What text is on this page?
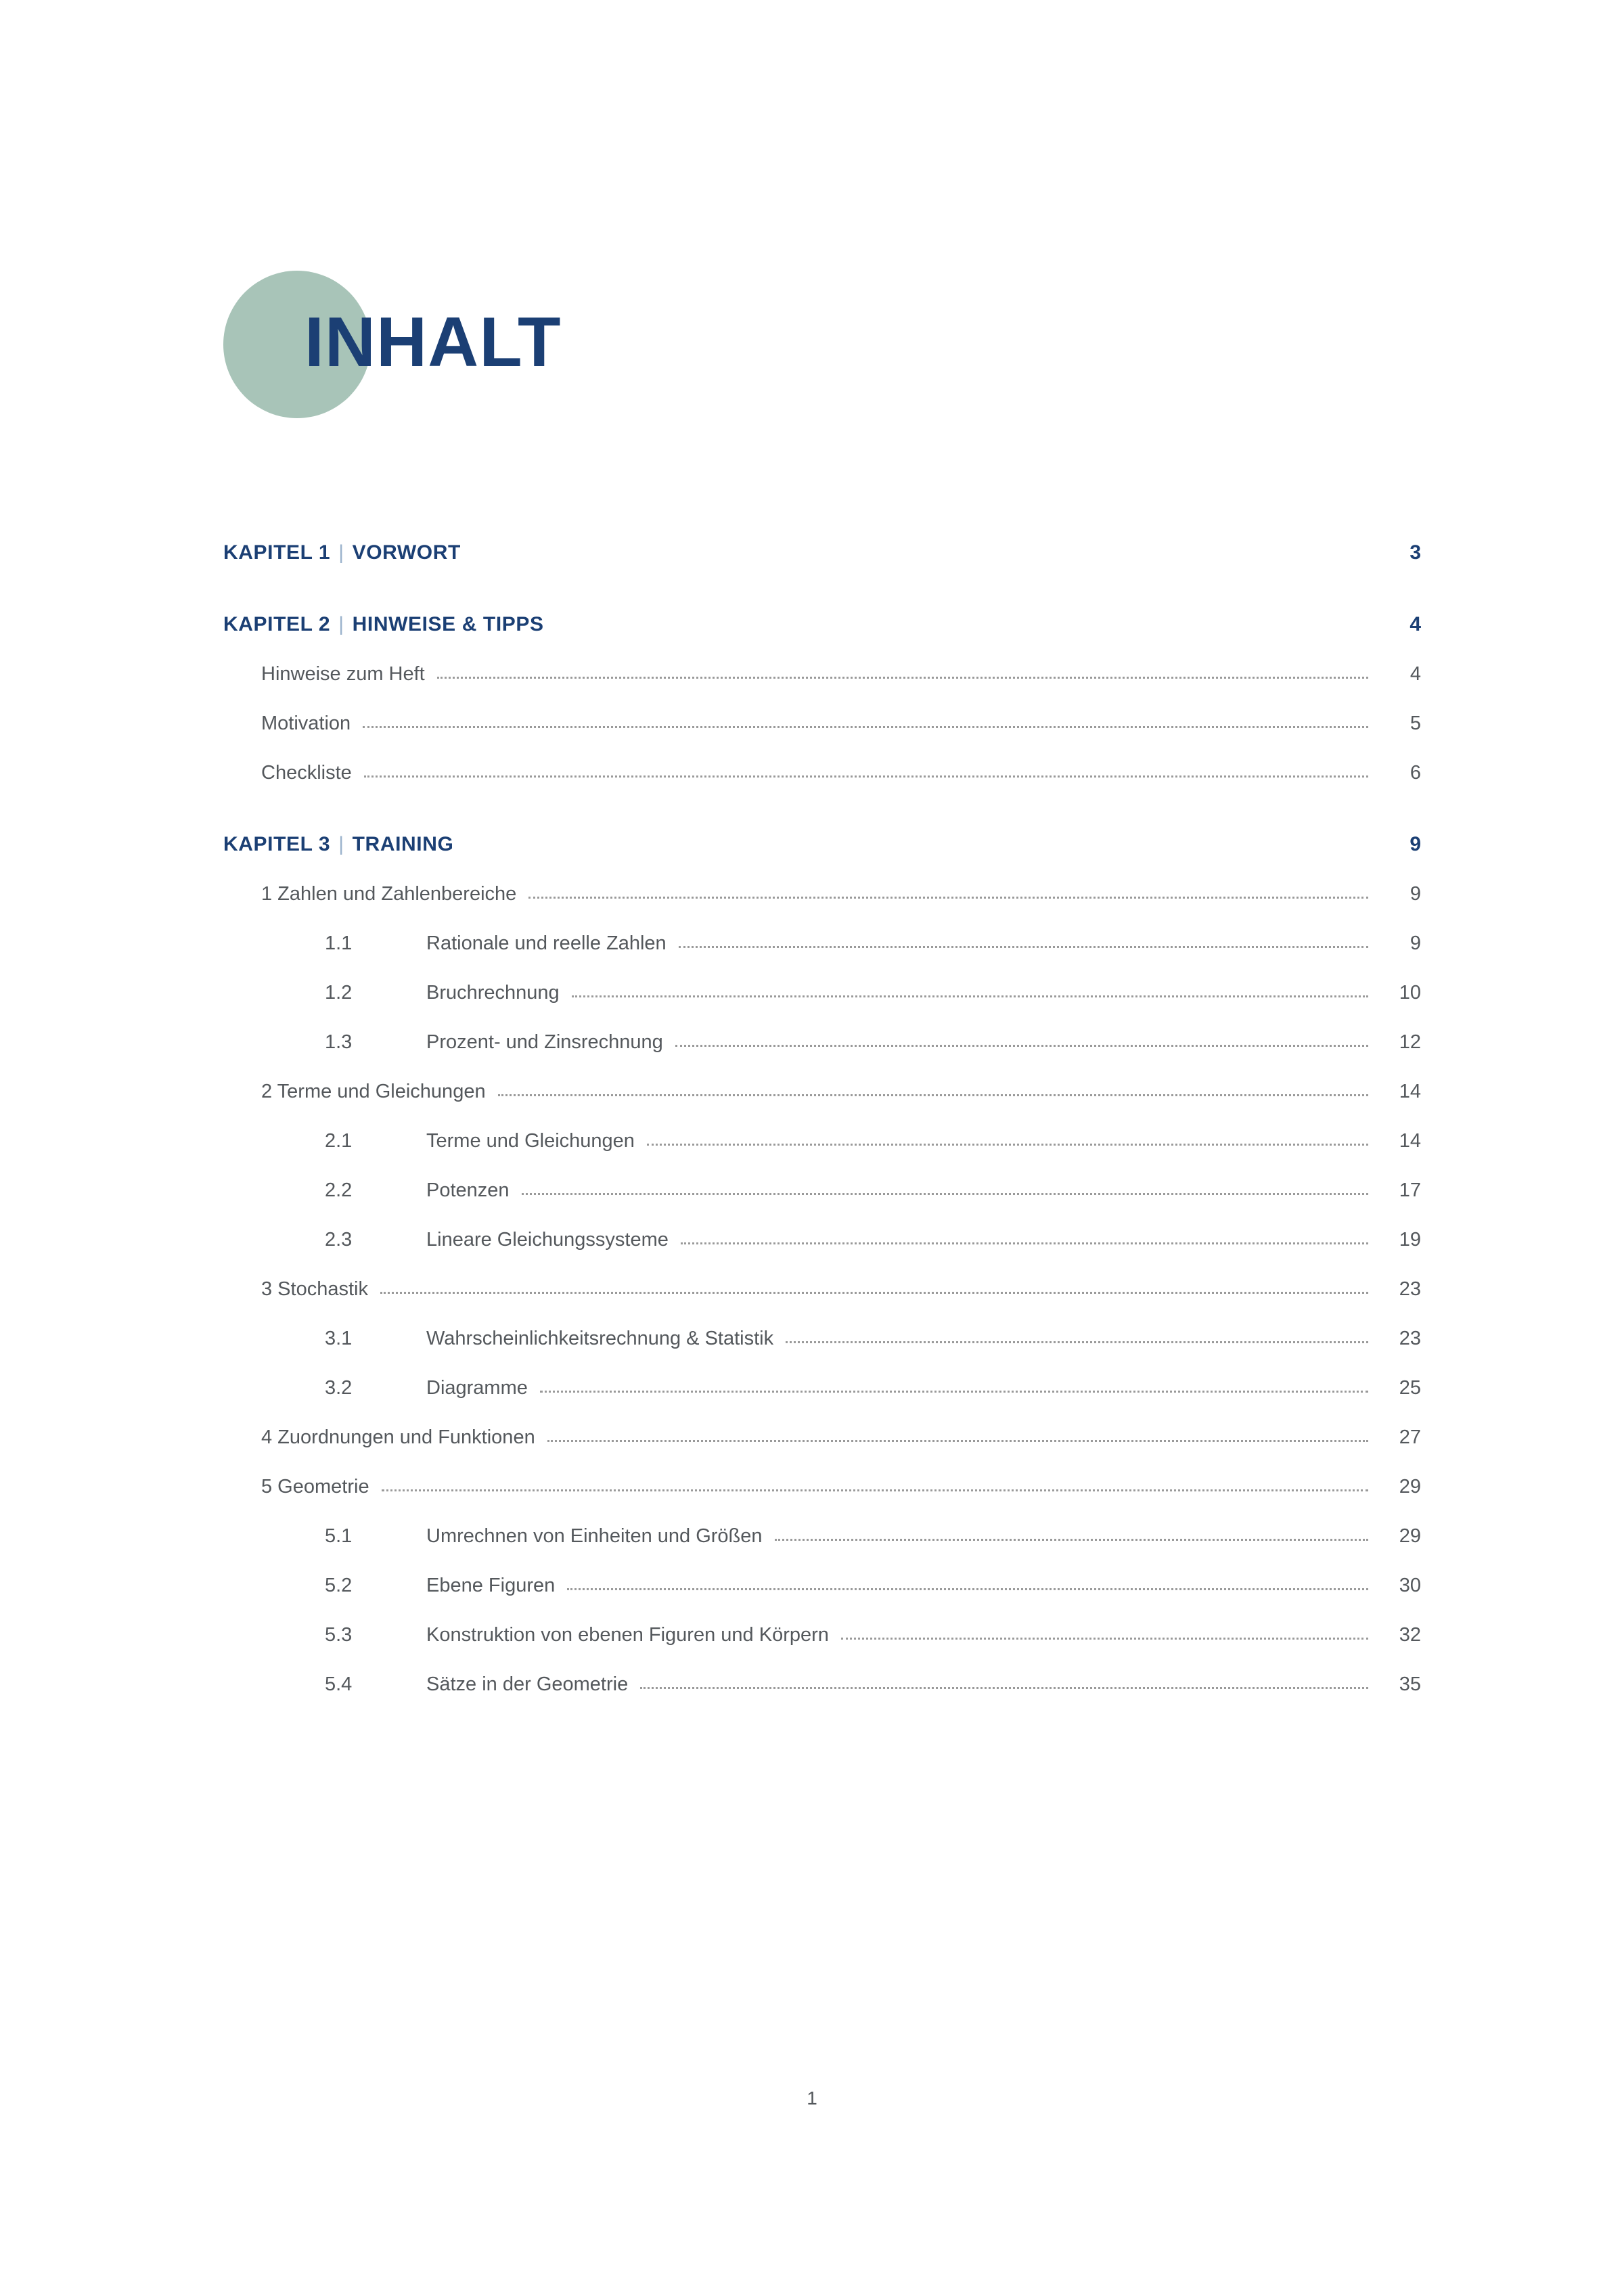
INHALT
KAPITEL 1 | VORWORT	3
KAPITEL 2 | HINWEISE & TIPPS	4
Hinweise zum Heft	4
Motivation	5
Checkliste	6
KAPITEL 3 | TRAINING	9
1 Zahlen und Zahlenbereiche	9
1.1	Rationale und reelle Zahlen	9
1.2	Bruchrechnung	10
1.3	Prozent- und Zinsrechnung	12
2 Terme und Gleichungen	14
2.1	Terme und Gleichungen	14
2.2	Potenzen	17
2.3	Lineare Gleichungssysteme	19
3 Stochastik	23
3.1	Wahrscheinlichkeitsrechnung & Statistik	23
3.2	Diagramme	25
4 Zuordnungen und Funktionen	27
5 Geometrie	29
5.1	Umrechnen von Einheiten und Größen	29
5.2	Ebene Figuren	30
5.3	Konstruktion von ebenen Figuren und Körpern	32
5.4	Sätze in der Geometrie	35
1
